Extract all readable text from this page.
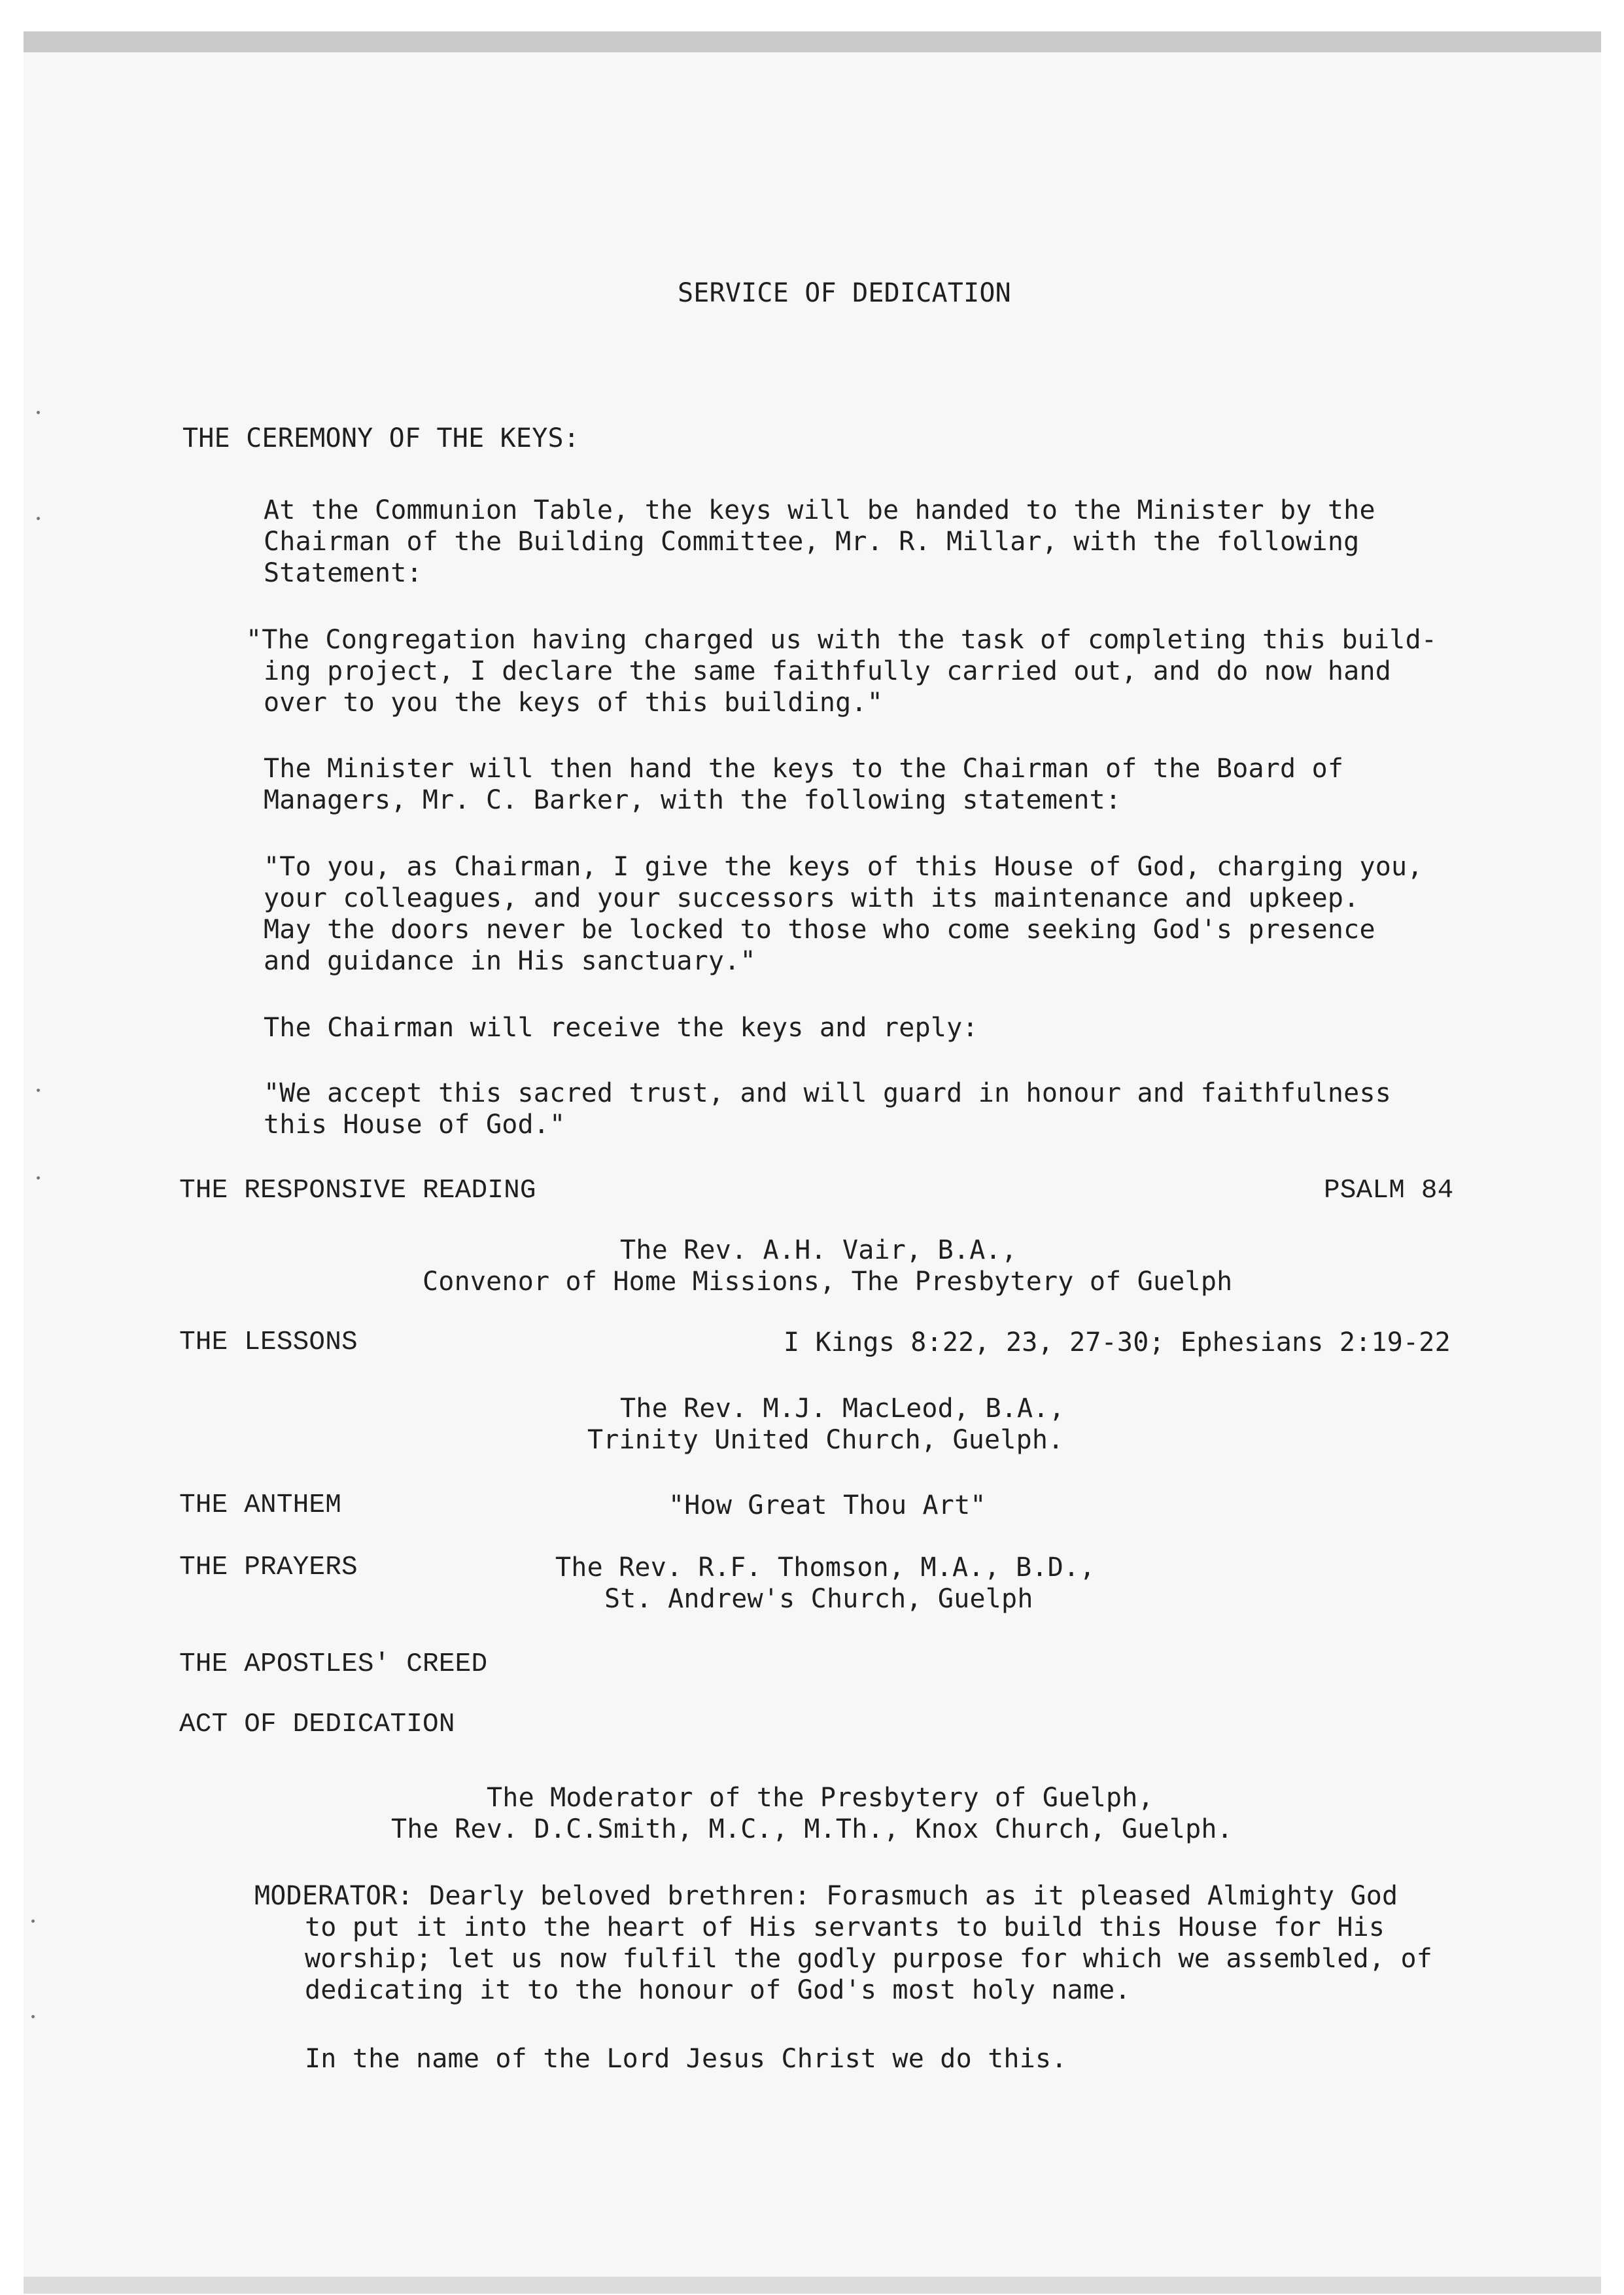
SERVICE OF DEDICATION
THE CEREMONY OF THE KEYS:
At the Communion Table, the keys will be handed to the Minister by the
Chairman of the Building Committee, Mr. R. Millar, with the following
Statement:
"The Congregation having charged us with the task of completing this build-
ing project, I declare the same faithfully carried out, and do now hand
over to you the keys of this building."
The Minister will then hand the keys to the Chairman of the Board of
Managers, Mr. C. Barker, with the following statement:
"To you, as Chairman, I give the keys of this House of God, charging you,
your colleagues, and your successors with its maintenance and upkeep.
May the doors never be locked to those who come seeking God's presence
and guidance in His sanctuary."
The Chairman will receive the keys and reply:
"We accept this sacred trust, and will guard in honour and faithfulness
this House of God."
THE RESPONSIVE READING	PSALM 84
The Rev. A.H. Vair, B.A.,
Convenor of Home Missions, The Presbytery of Guelph
THE LESSONS	I Kings 8:22, 23, 27-30; Ephesians 2:19-22
The Rev. M.J. MacLeod, B.A.,
Trinity United Church, Guelph.
THE ANTHEM	"How Great Thou Art"
THE PRAYERS	The Rev. R.F. Thomson, M.A., B.D.,
St. Andrew's Church, Guelph
THE APOSTLES' CREED
ACT OF DEDICATION
The Moderator of the Presbytery of Guelph,
The Rev. D.C.Smith, M.C., M.Th., Knox Church, Guelph.
MODERATOR: Dearly beloved brethren: Forasmuch as it pleased Almighty God
to put it into the heart of His servants to build this House for His
worship; let us now fulfil the godly purpose for which we assembled, of
dedicating it to the honour of God's most holy name.
In the name of the Lord Jesus Christ we do this.
